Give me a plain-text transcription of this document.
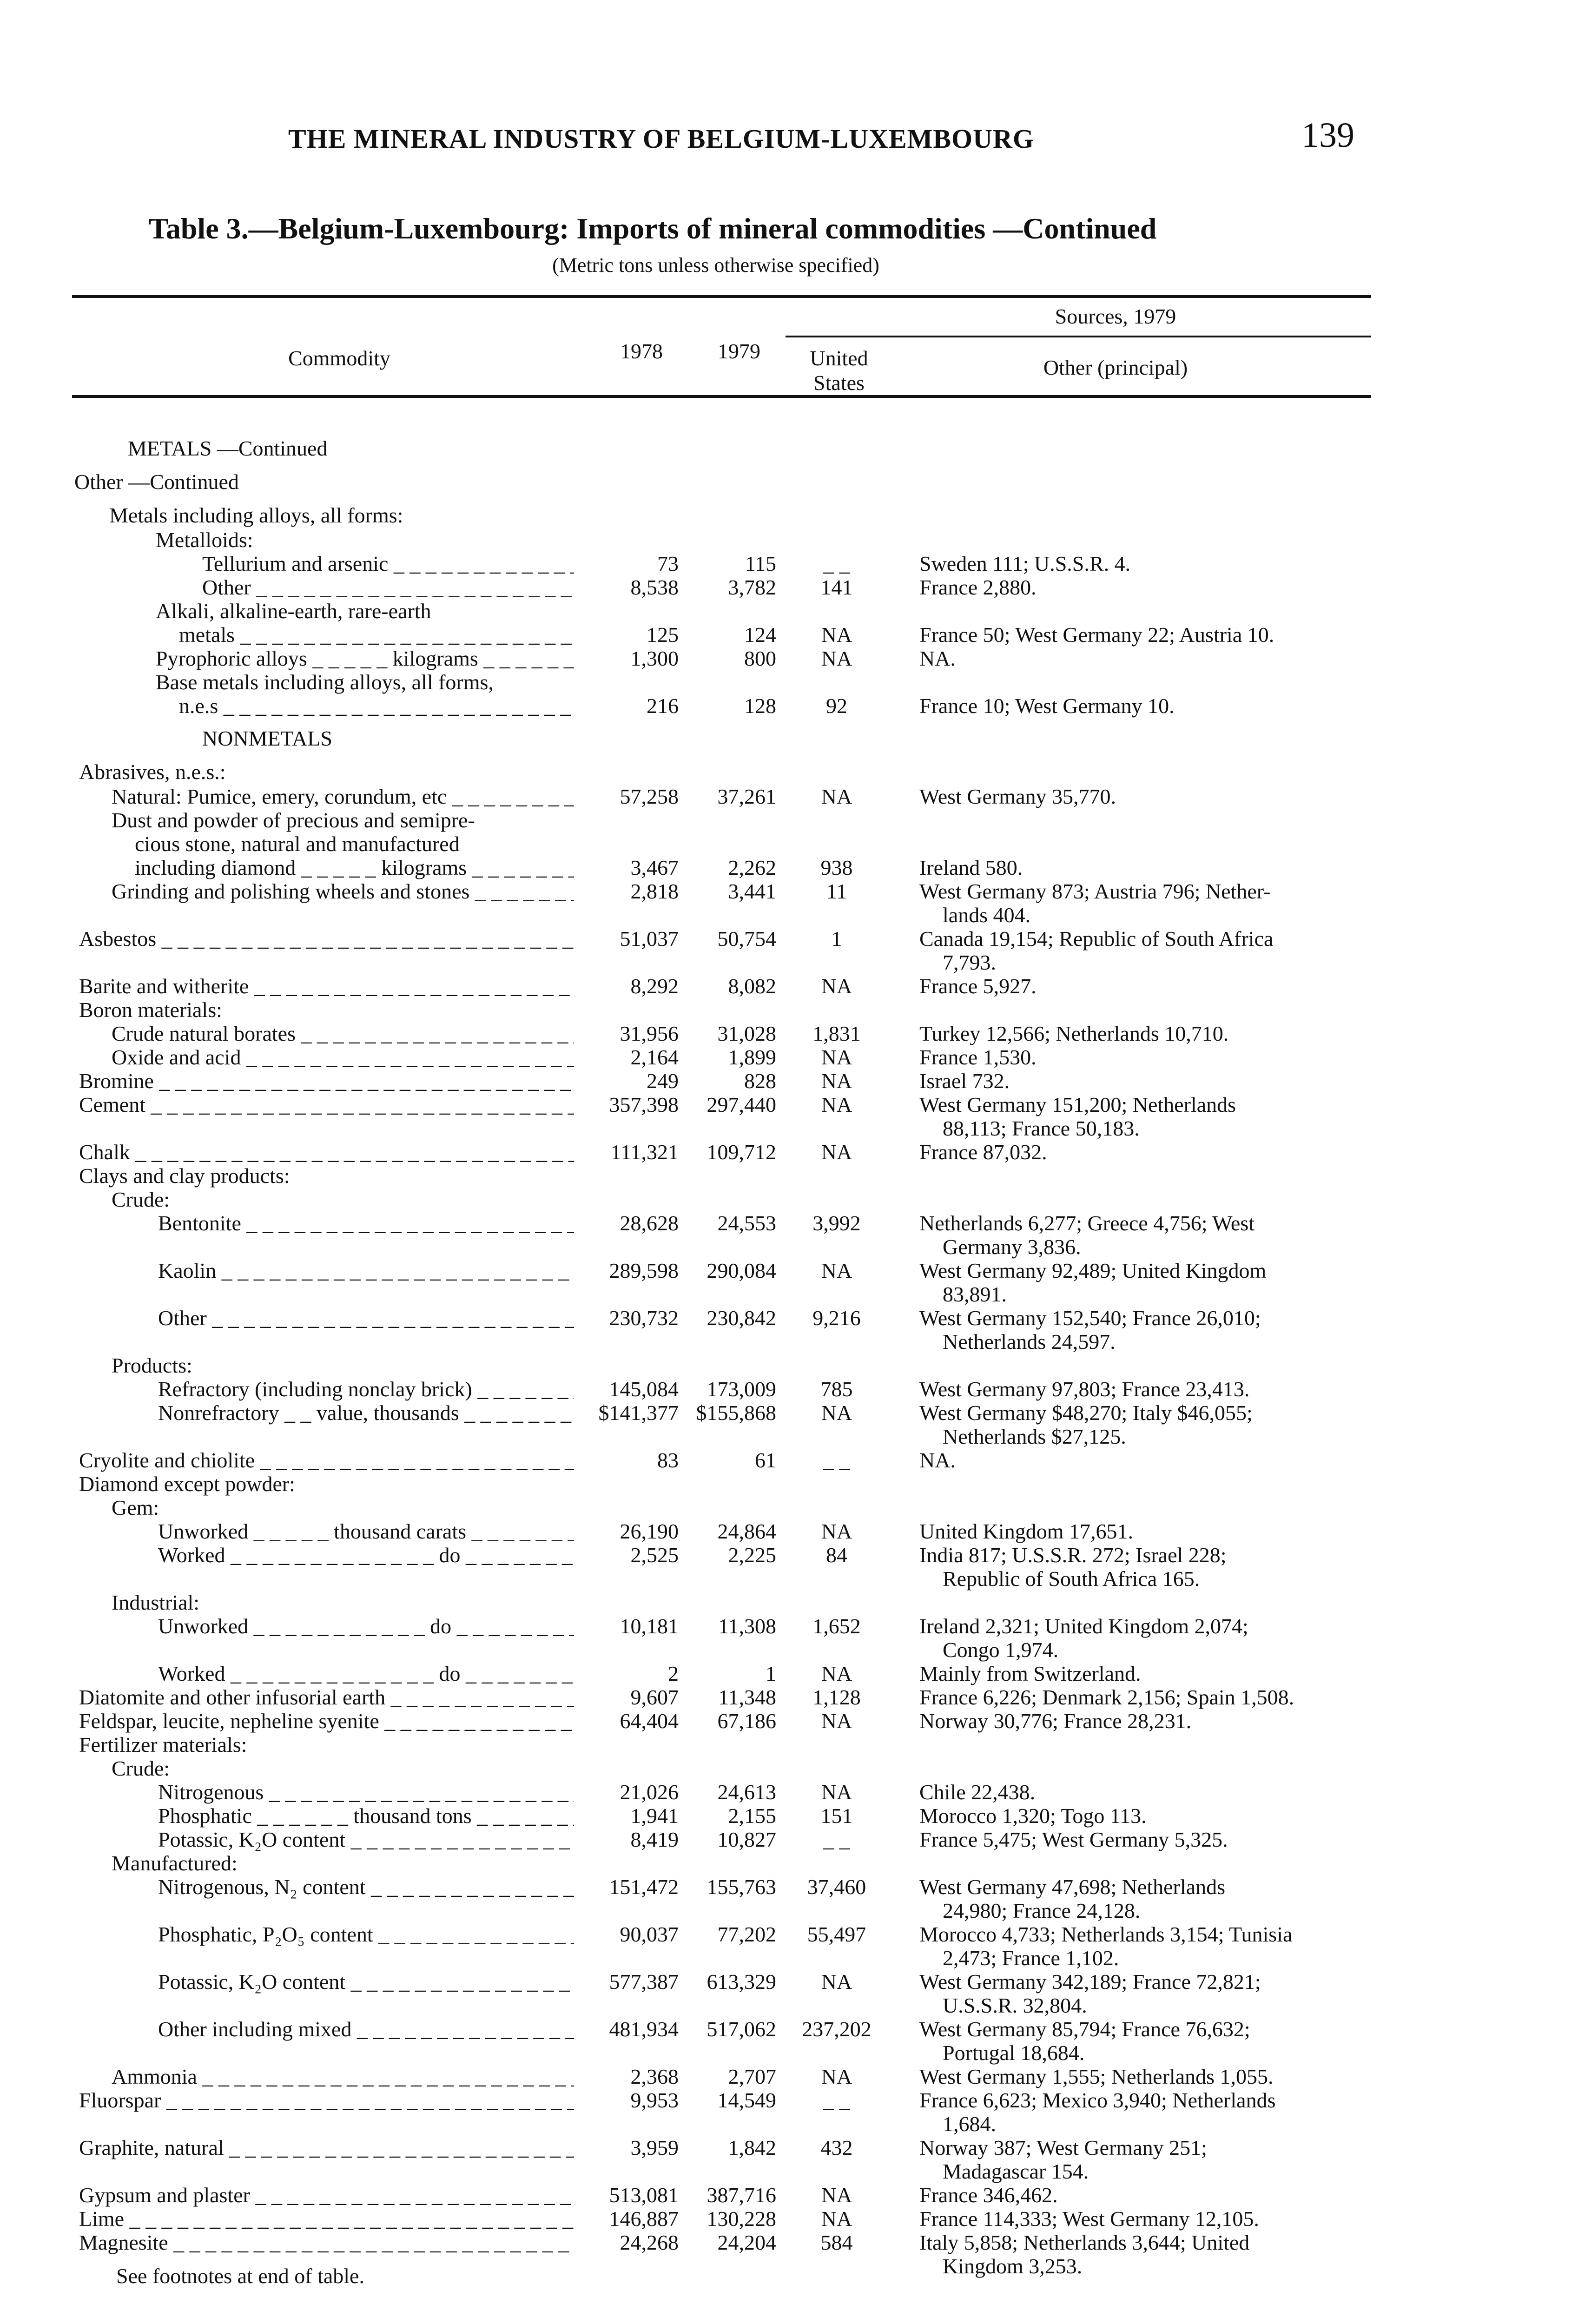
THE MINERAL INDUSTRY OF BELGIUM-LUXEMBOURG	139
Table 3.—Belgium-Luxembourg: Imports of mineral commodities —Continued
(Metric tons unless otherwise specified)
Commodity	1978	1979
Sources, 1979
United States
Other (principal)
METALS —Continued
Other —Continued
Metals including alloys, all forms:
Metalloids:
Tellurium and arsenic _ _ _	73	115	_ _	Sweden 111; U.S.S.R. 4.
Other _ _ _	8,538	3,782	141	France 2,880.
Alkali, alkaline-earth, rare-earth
metals _ _ _	125	124	NA	France 50; West Germany 22; Austria 10.
Pyrophoric alloys _ _ _ _ _ kilograms _ _ _	1,300	800	NA	NA.
Base metals including alloys, all forms,
n.e.s _ _ _	216	128	92	France 10; West Germany 10.
NONMETALS
Abrasives, n.e.s.:
Natural: Pumice, emery, corundum, etc _ _ _	57,258	37,261	NA	West Germany 35,770.
Dust and powder of precious and semipre-
cious stone, natural and manufactured
including diamond _ _ _ _ _ kilograms _ _ _	3,467	2,262	938	Ireland 580.
Grinding and polishing wheels and stones _ _ _	2,818	3,441	11	West Germany 873; Austria 796; Nether-
lands 404.
Asbestos _ _ _	51,037	50,754	1	Canada 19,154; Republic of South Africa
7,793.
Barite and witherite _ _ _	8,292	8,082	NA	France 5,927.
Boron materials:
Crude natural borates _ _ _	31,956	31,028	1,831	Turkey 12,566; Netherlands 10,710.
Oxide and acid _ _ _	2,164	1,899	NA	France 1,530.
Bromine _ _ _	249	828	NA	Israel 732.
Cement _ _ _	357,398	297,440	NA	West Germany 151,200; Netherlands
88,113; France 50,183.
Chalk _ _ _	111,321	109,712	NA	France 87,032.
Clays and clay products:
Crude:
Bentonite _ _ _	28,628	24,553	3,992	Netherlands 6,277; Greece 4,756; West
Germany 3,836.
Kaolin _ _ _	289,598	290,084	NA	West Germany 92,489; United Kingdom
83,891.
Other _ _ _	230,732	230,842	9,216	West Germany 152,540; France 26,010;
Netherlands 24,597.
Products:
Refractory (including nonclay brick) _ _ _	145,084	173,009	785	West Germany 97,803; France 23,413.
Nonrefractory _ _ value, thousands _ _ _	$141,377 $155,868	NA	West Germany $48,270; Italy $46,055;
Netherlands $27,125.
Cryolite and chiolite _ _ _	83	61	_ _	NA.
Diamond except powder:
Gem:
Unworked _ _ _ _ _ thousand carats _ _ _	26,190	24,864	NA	United Kingdom 17,651.
Worked _ _ _ _ _ _ _ _ _ _ _ _ _ do _ _ _	2,525	2,225	84	India 817; U.S.S.R. 272; Israel 228;
Republic of South Africa 165.
Industrial:
Unworked _ _ _ _ _ _ _ _ _ _ _ do _ _ _	10,181	11,308	1,652	Ireland 2,321; United Kingdom 2,074;
Congo 1,974.
Worked _ _ _ _ _ _ _ _ _ _ _ _ _ do _ _ _	2	1	NA	Mainly from Switzerland.
Diatomite and other infusorial earth _ _ _	9,607	11,348	1,128	France 6,226; Denmark 2,156; Spain 1,508.
Feldspar, leucite, nepheline syenite _ _ _	64,404	67,186	NA	Norway 30,776; France 28,231.
Fertilizer materials:
Crude:
Nitrogenous _ _ _	21,026	24,613	NA	Chile 22,438.
Phosphatic _ _ _ _ _ _ thousand tons _ _ _	1,941	2,155	151	Morocco 1,320; Togo 113.
Potassic, K₂O content _ _ _	8,419	10,827	_ _	France 5,475; West Germany 5,325.
Manufactured:
Nitrogenous, N₂ content _ _ _	151,472	155,763	37,460	West Germany 47,698; Netherlands
24,980; France 24,128.
Phosphatic, P₂O₅ content _ _ _	90,037	77,202	55,497	Morocco 4,733; Netherlands 3,154; Tunisia
2,473; France 1,102.
Potassic, K₂O content _ _ _	577,387	613,329	NA	West Germany 342,189; France 72,821;
U.S.S.R. 32,804.
Other including mixed _ _ _	481,934	517,062	237,202	West Germany 85,794; France 76,632;
Portugal 18,684.
Ammonia _ _ _	2,368	2,707	NA	West Germany 1,555; Netherlands 1,055.
Fluorspar _ _ _	9,953	14,549	_ _	France 6,623; Mexico 3,940; Netherlands
1,684.
Graphite, natural _ _ _	3,959	1,842	432	Norway 387; West Germany 251;
Madagascar 154.
Gypsum and plaster _ _ _	513,081	387,716	NA	France 346,462.
Lime _ _ _	146,887	130,228	NA	France 114,333; West Germany 12,105.
Magnesite _ _ _	24,268	24,204	584	Italy 5,858; Netherlands 3,644; United
Kingdom 3,253.
See footnotes at end of table.
